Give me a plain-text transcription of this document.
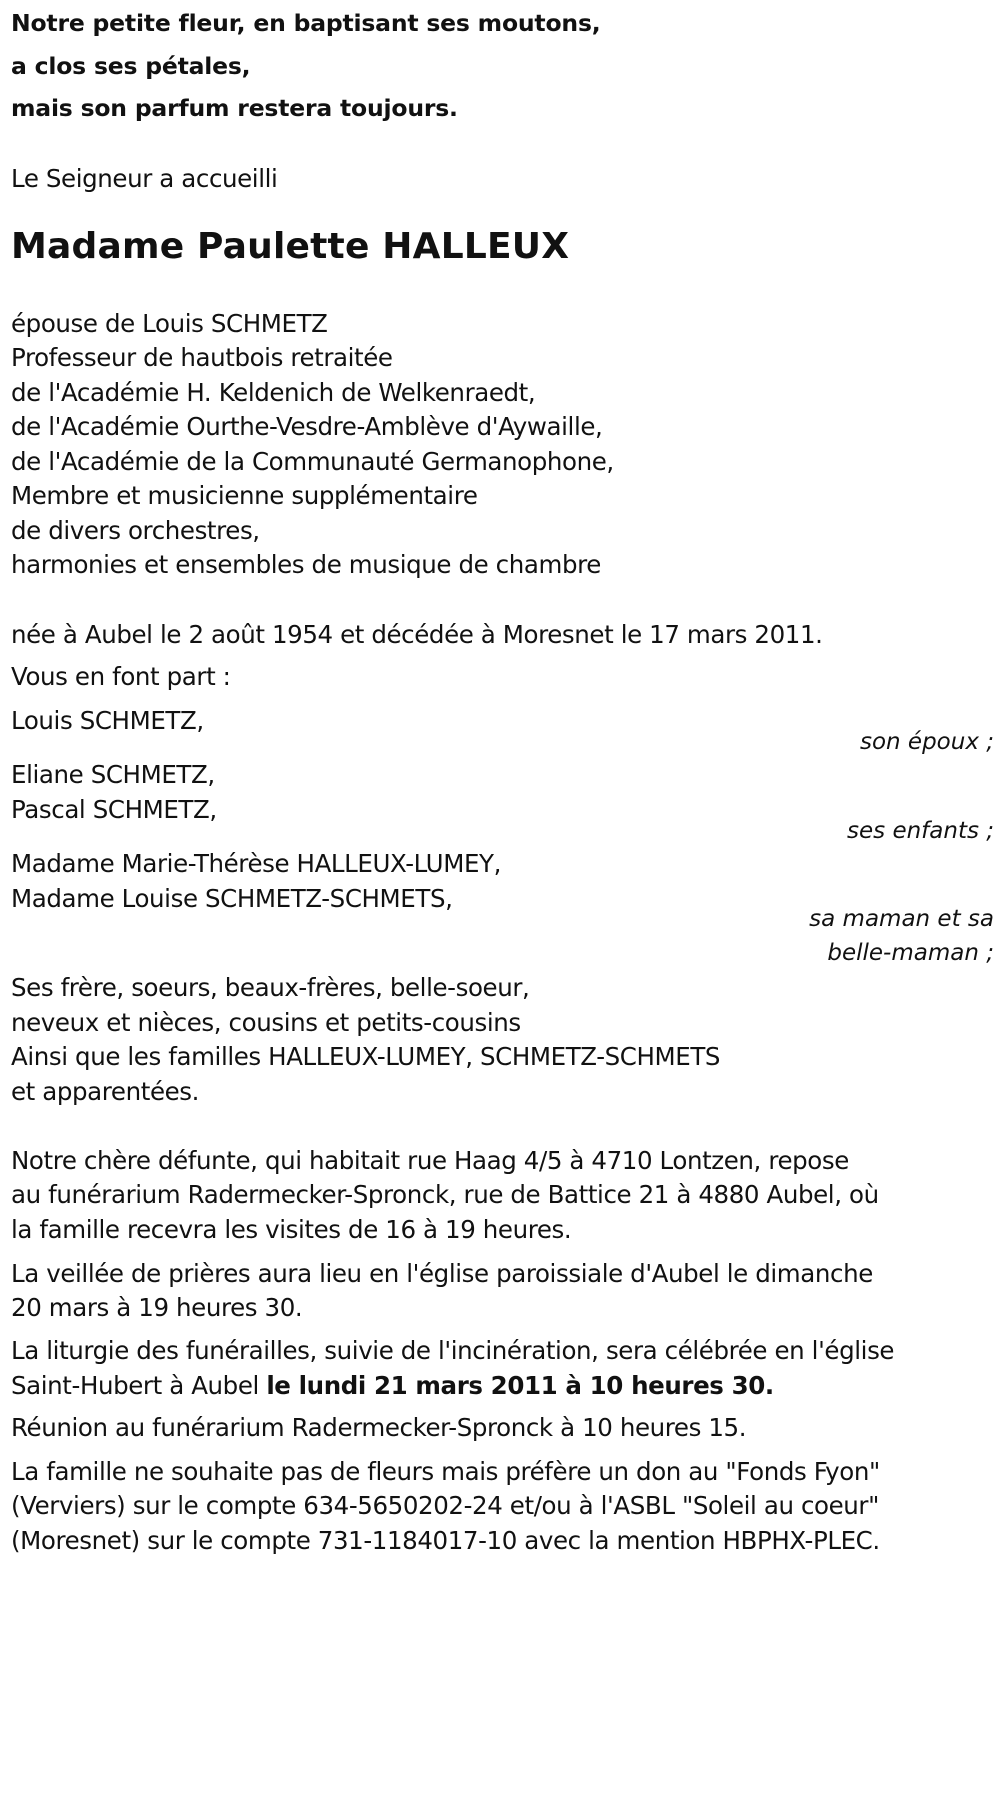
Notre petite fleur, en baptisant ses moutons,
a clos ses pétales,
mais son parfum restera toujours.
Le Seigneur a accueilli
Madame Paulette HALLEUX
épouse de Louis SCHMETZ
Professeur de hautbois retraitée
de l'Académie H. Keldenich de Welkenraedt,
de l'Académie Ourthe-Vesdre-Amblève d'Aywaille,
de l'Académie de la Communauté Germanophone,
Membre et musicienne supplémentaire
de divers orchestres,
harmonies et ensembles de musique de chambre
née à Aubel le 2 août 1954 et décédée à Moresnet le 17 mars 2011.
Vous en font part :
Louis SCHMETZ,
son époux ;
Eliane SCHMETZ,
Pascal SCHMETZ,
ses enfants ;
Madame Marie-Thérèse HALLEUX-LUMEY,
Madame Louise SCHMETZ-SCHMETS,
sa maman et sa
belle-maman ;
Ses frère, soeurs, beaux-frères, belle-soeur,
neveux et nièces, cousins et petits-cousins
Ainsi que les familles HALLEUX-LUMEY, SCHMETZ-SCHMETS
et apparentées.
Notre chère défunte, qui habitait rue Haag 4/5 à 4710 Lontzen, repose
au funérarium Radermecker-Spronck, rue de Battice 21 à 4880 Aubel, où
la famille recevra les visites de 16 à 19 heures.
La veillée de prières aura lieu en l'église paroissiale d'Aubel le dimanche
20 mars à 19 heures 30.
La liturgie des funérailles, suivie de l'incinération, sera célébrée en l'église
Saint-Hubert à Aubel le lundi 21 mars 2011 à 10 heures 30.
Réunion au funérarium Radermecker-Spronck à 10 heures 15.
La famille ne souhaite pas de fleurs mais préfère un don au "Fonds Fyon"
(Verviers) sur le compte 634-5650202-24 et/ou à l'ASBL "Soleil au coeur"
(Moresnet) sur le compte 731-1184017-10 avec la mention HBPHX-PLEC.
